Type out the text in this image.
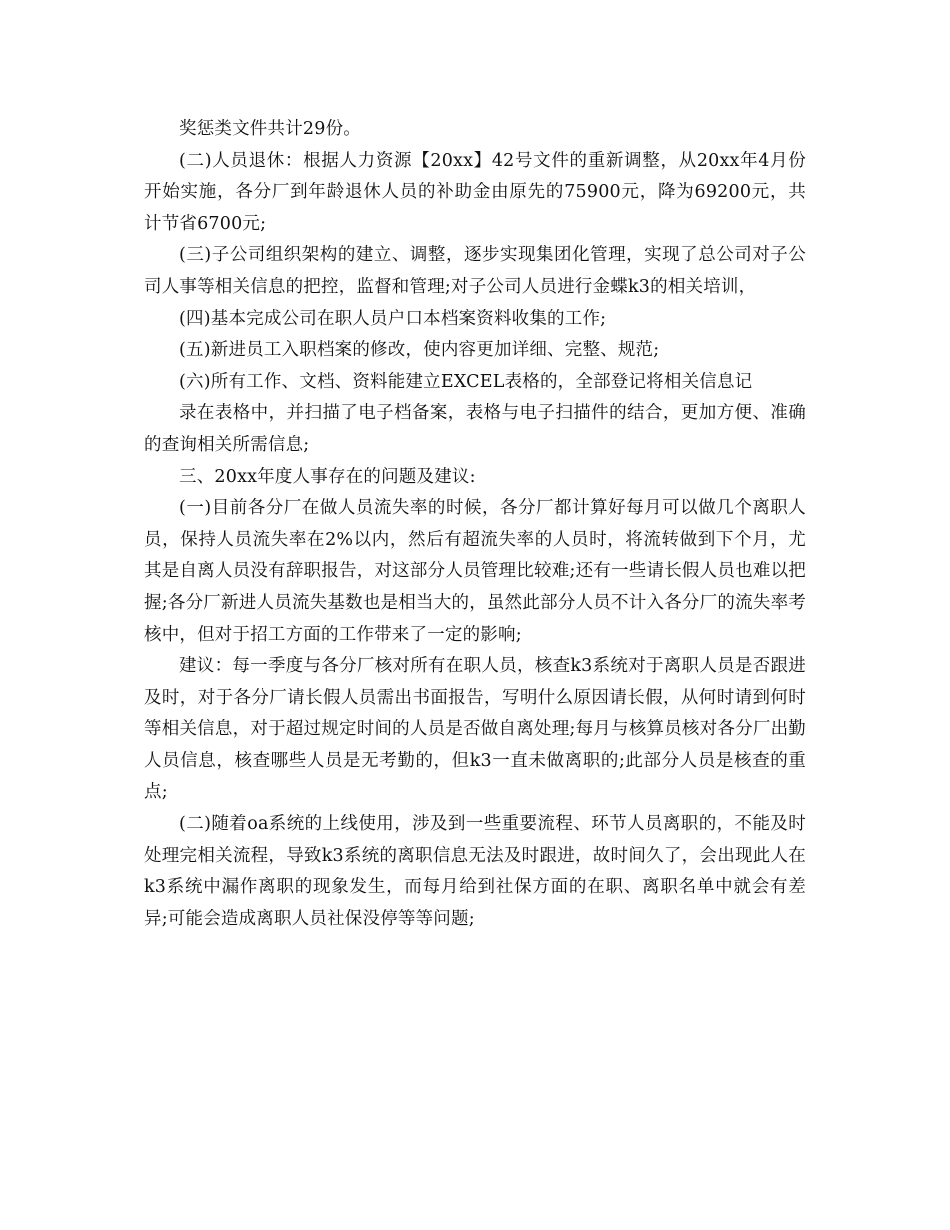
奖惩类文件共计29份。

(二)人员退休：根据人力资源【20xx】42号文件的重新调整，从20xx年4月份开始实施，各分厂到年龄退休人员的补助金由原先的75900元，降为69200元，共计节省6700元;

(三)子公司组织架构的建立、调整，逐步实现集团化管理，实现了总公司对子公司人事等相关信息的把控，监督和管理;对子公司人员进行金蝶k3的相关培训，

(四)基本完成公司在职人员户口本档案资料收集的工作;

(五)新进员工入职档案的修改，使内容更加详细、完整、规范;

(六)所有工作、文档、资料能建立EXCEL表格的，全部登记将相关信息记

录在表格中，并扫描了电子档备案，表格与电子扫描件的结合，更加方便、准确的查询相关所需信息;

三、20xx年度人事存在的问题及建议:

(一)目前各分厂在做人员流失率的时候，各分厂都计算好每月可以做几个离职人员，保持人员流失率在2%以内，然后有超流失率的人员时，将流转做到下个月，尤其是自离人员没有辞职报告，对这部分人员管理比较难;还有一些请长假人员也难以把握;各分厂新进人员流失基数也是相当大的，虽然此部分人员不计入各分厂的流失率考核中，但对于招工方面的工作带来了一定的影响;

建议：每一季度与各分厂核对所有在职人员，核查k3系统对于离职人员是否跟进及时，对于各分厂请长假人员需出书面报告，写明什么原因请长假，从何时请到何时等相关信息，对于超过规定时间的人员是否做自离处理;每月与核算员核对各分厂出勤人员信息，核查哪些人员是无考勤的，但k3一直未做离职的;此部分人员是核查的重点;

(二)随着oa系统的上线使用，涉及到一些重要流程、环节人员离职的，不能及时处理完相关流程，导致k3系统的离职信息无法及时跟进，故时间久了，会出现此人在k3系统中漏作离职的现象发生，而每月给到社保方面的在职、离职名单中就会有差异;可能会造成离职人员社保没停等等问题;
